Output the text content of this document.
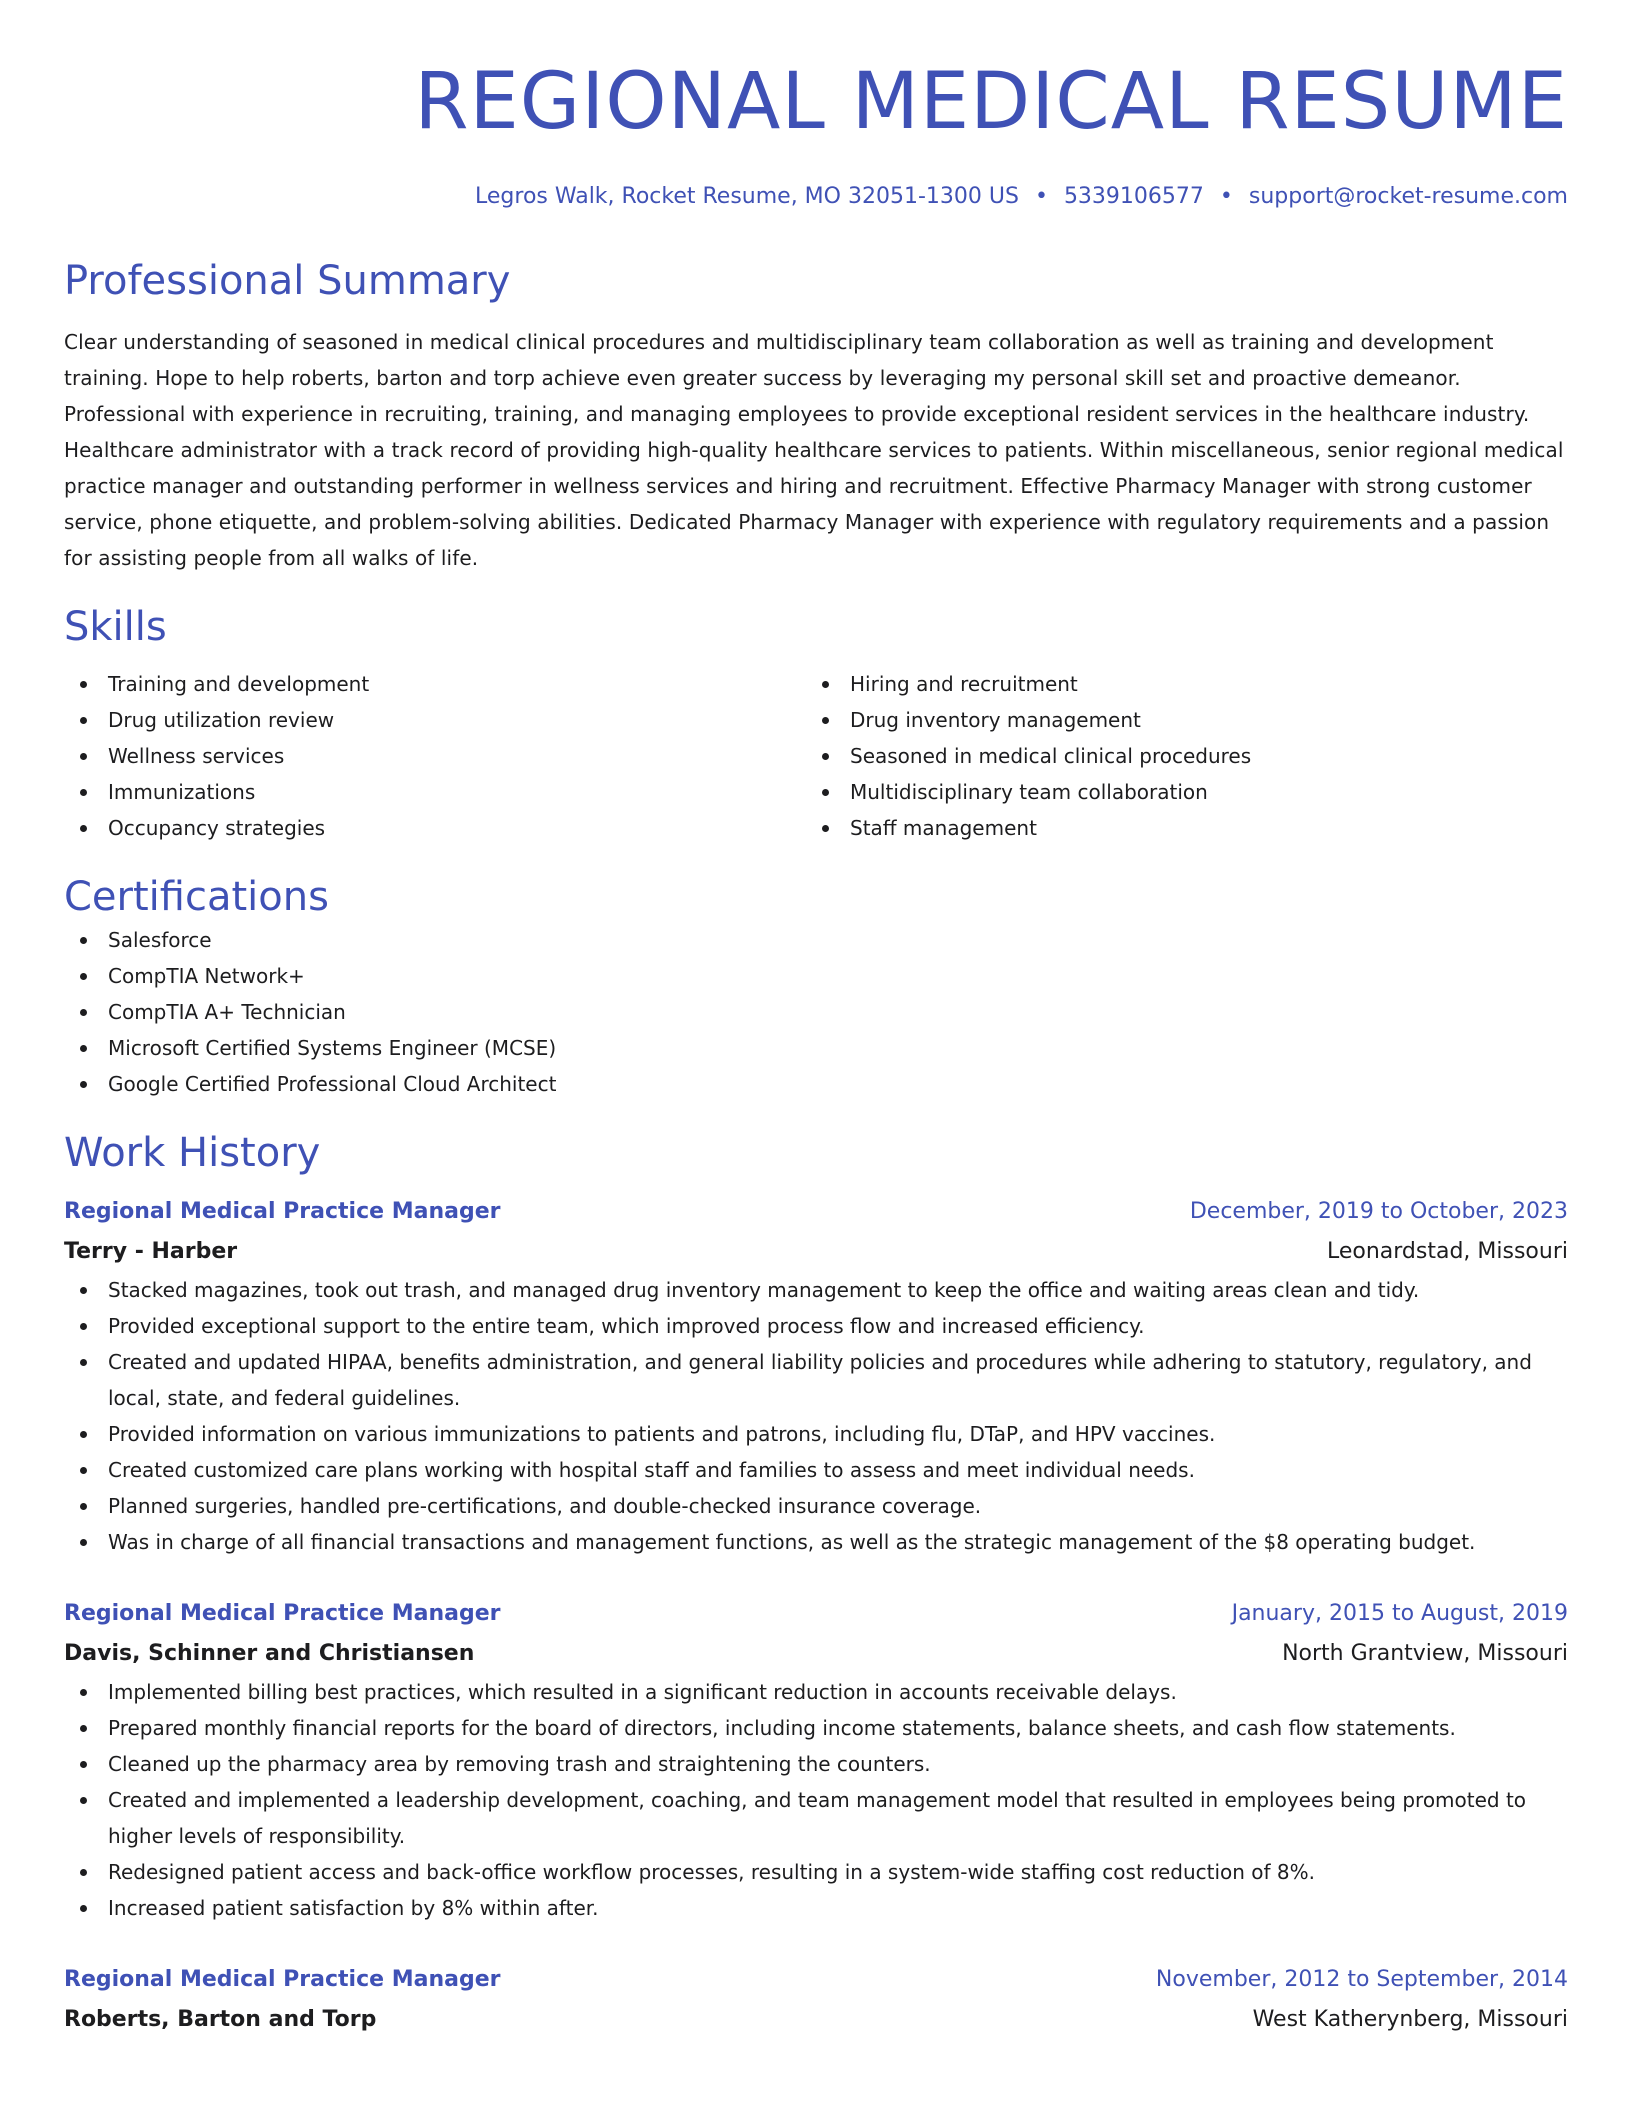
REGIONAL MEDICAL RESUME
Legros Walk, Rocket Resume, MO 32051-1300 US • 5339106577 • support@rocket-resume.com
Professional Summary

Clear understanding of seasoned in medical clinical procedures and multidisciplinary team collaboration as well as training and development training. Hope to help roberts, barton and torp achieve even greater success by leveraging my personal skill set and proactive demeanor. Professional with experience in recruiting, training, and managing employees to provide exceptional resident services in the healthcare industry. Healthcare administrator with a track record of providing high-quality healthcare services to patients. Within miscellaneous, senior regional medical practice manager and outstanding performer in wellness services and hiring and recruitment. Effective Pharmacy Manager with strong customer service, phone etiquette, and problem-solving abilities. Dedicated Pharmacy Manager with experience with regulatory requirements and a passion for assisting people from all walks of life.

Skills
Training and development
Drug utilization review
Wellness services
Immunizations
Occupancy strategies
Hiring and recruitment
Drug inventory management
Seasoned in medical clinical procedures
Multidisciplinary team collaboration
Staff management
Certifications
Salesforce
CompTIA Network+
CompTIA A+ Technician
Microsoft Certified Systems Engineer (MCSE)
Google Certified Professional Cloud Architect
Work History
Regional Medical Practice Manager	December, 2019 to October, 2023
Terry - Harber	Leonardstad, Missouri
Stacked magazines, took out trash, and managed drug inventory management to keep the office and waiting areas clean and tidy.
Provided exceptional support to the entire team, which improved process flow and increased efficiency.
Created and updated HIPAA, benefits administration, and general liability policies and procedures while adhering to statutory, regulatory, and local, state, and federal guidelines.
Provided information on various immunizations to patients and patrons, including flu, DTaP, and HPV vaccines.
Created customized care plans working with hospital staff and families to assess and meet individual needs.
Planned surgeries, handled pre-certifications, and double-checked insurance coverage.
Was in charge of all financial transactions and management functions, as well as the strategic management of the $8 operating budget.
Regional Medical Practice Manager	January, 2015 to August, 2019
Davis, Schinner and Christiansen	North Grantview, Missouri
Implemented billing best practices, which resulted in a significant reduction in accounts receivable delays.
Prepared monthly financial reports for the board of directors, including income statements, balance sheets, and cash flow statements.
Cleaned up the pharmacy area by removing trash and straightening the counters.
Created and implemented a leadership development, coaching, and team management model that resulted in employees being promoted to higher levels of responsibility.
Redesigned patient access and back-office workflow processes, resulting in a system-wide staffing cost reduction of 8%.
Increased patient satisfaction by 8% within after.
Regional Medical Practice Manager	November, 2012 to September, 2014
Roberts, Barton and Torp	West Katherynberg, Missouri
